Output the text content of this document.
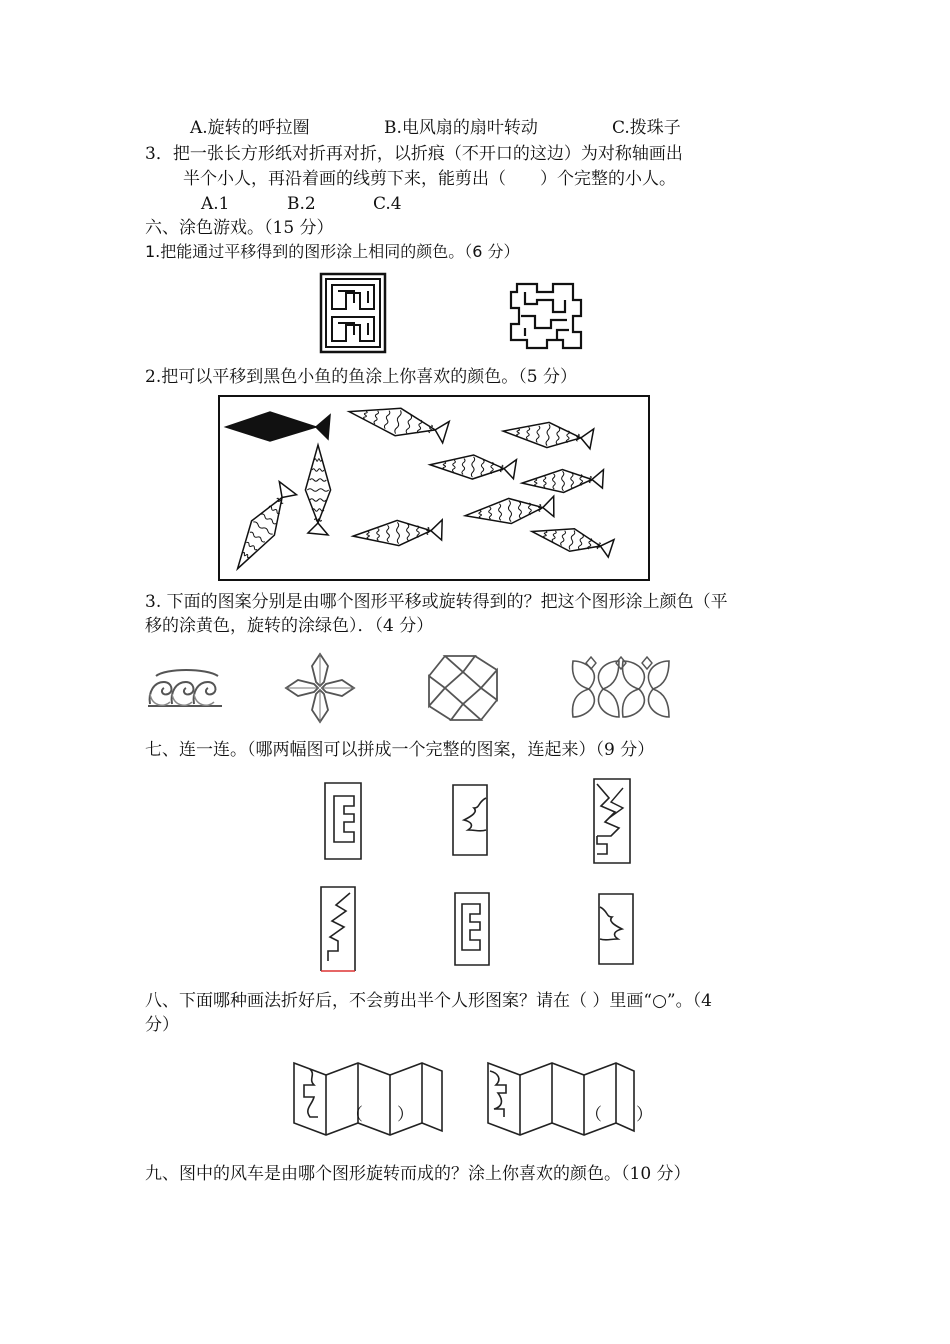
A.旋转的呼拉圈	B.电风扇的扇叶转动	C.拨珠子
3．把一张长方形纸对折再对折，以折痕（不开口的这边）为对称轴画出
半个小人，再沿着画的线剪下来，能剪出（　　）个完整的小人。
A.1	B.2	C.4
六、涂色游戏。（15 分）
1.把能通过平移得到的图形涂上相同的颜色。（6 分）
2.把可以平移到黑色小鱼的鱼涂上你喜欢的颜色。（5 分）
3. 下面的图案分别是由哪个图形平移或旋转得到的？把这个图形涂上颜色（平
移的涂黄色，旋转的涂绿色）．（4 分）
七、连一连。（哪两幅图可以拼成一个完整的图案，连起来）（9 分）
八、下面哪种画法折好后，不会剪出半个人形图案？请在（ ）里画“○”。（4
分）
（　　）	（　　）
九、图中的风车是由哪个图形旋转而成的？涂上你喜欢的颜色。（10 分）
